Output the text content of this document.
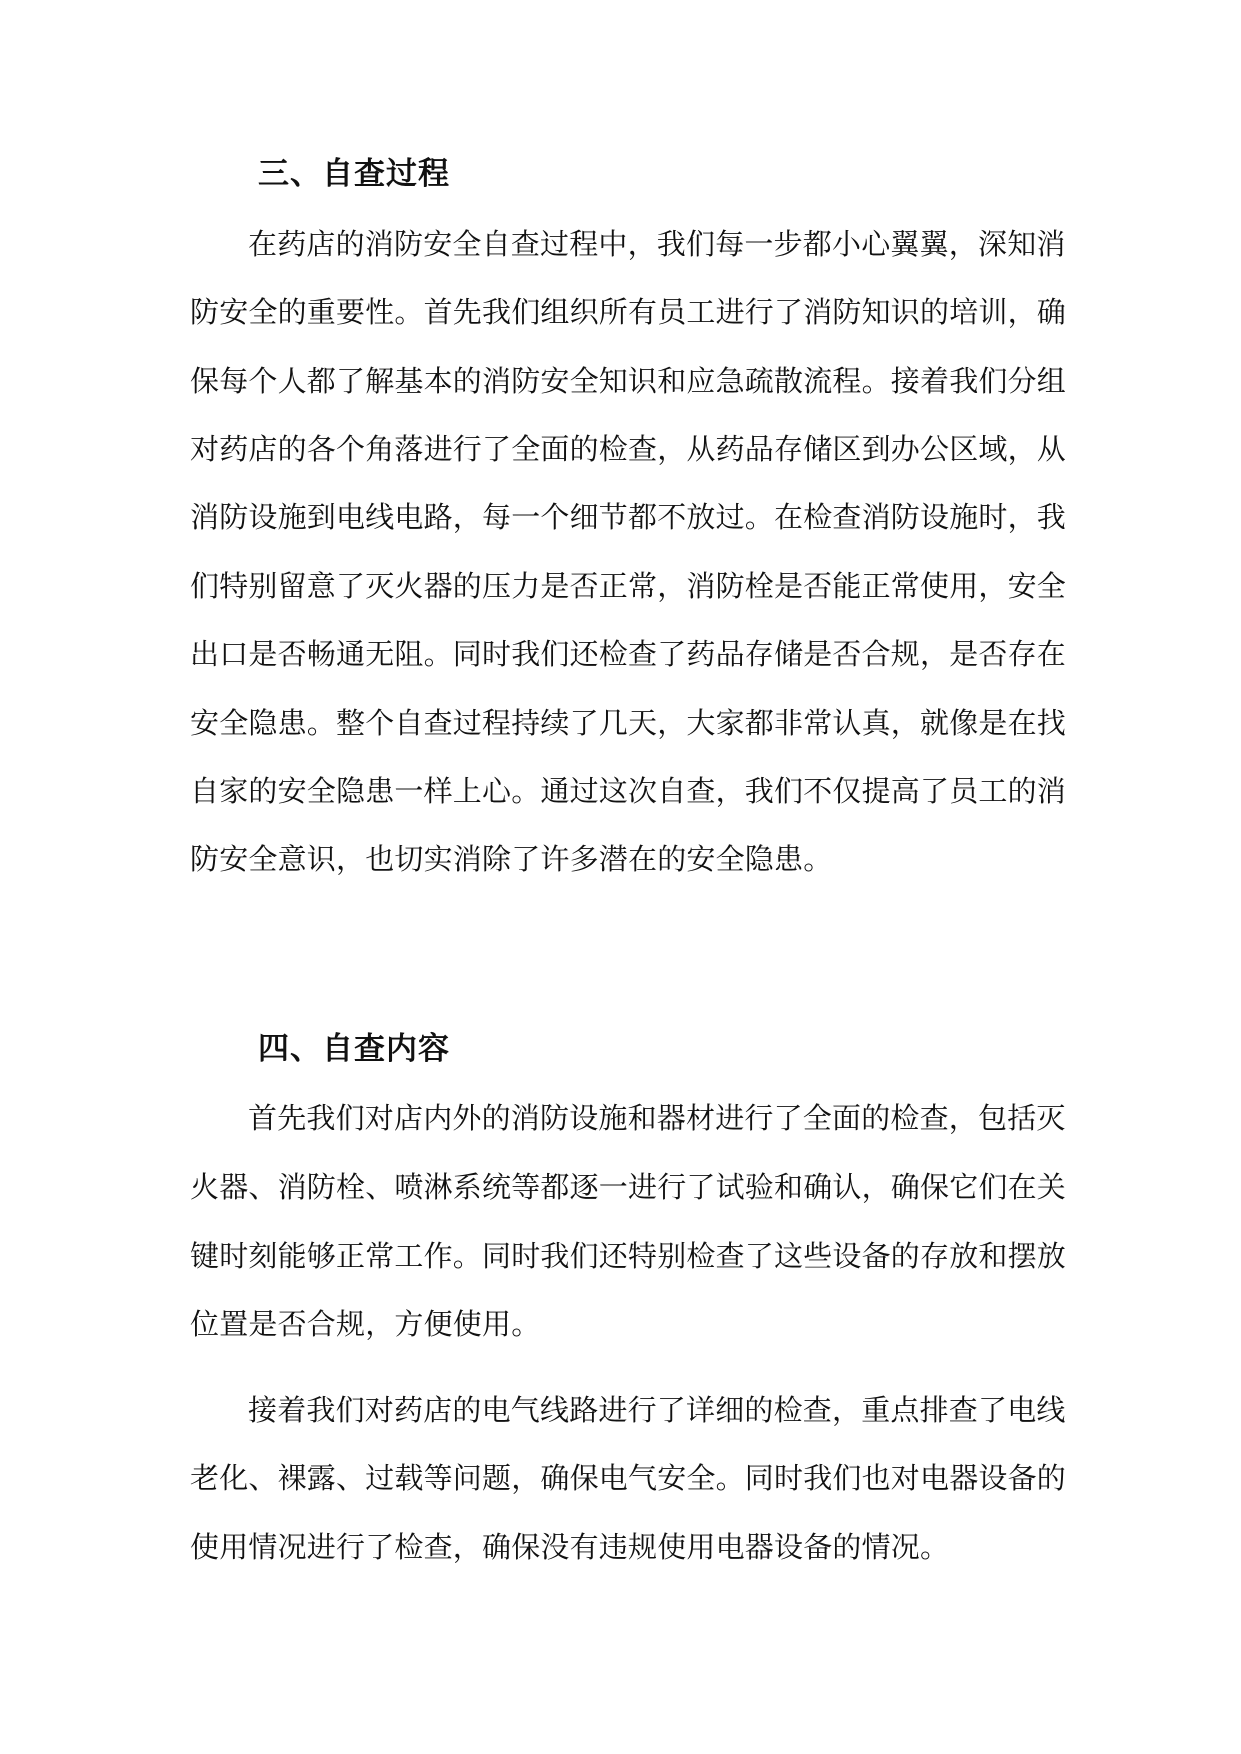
三、自查过程
在药店的消防安全自查过程中，我们每一步都小心翼翼，深知消
防安全的重要性。首先我们组织所有员工进行了消防知识的培训，确
保每个人都了解基本的消防安全知识和应急疏散流程。接着我们分组
对药店的各个角落进行了全面的检查，从药品存储区到办公区域，从
消防设施到电线电路，每一个细节都不放过。在检查消防设施时，我
们特别留意了灭火器的压力是否正常，消防栓是否能正常使用，安全
出口是否畅通无阻。同时我们还检查了药品存储是否合规，是否存在
安全隐患。整个自查过程持续了几天，大家都非常认真，就像是在找
自家的安全隐患一样上心。通过这次自查，我们不仅提高了员工的消
防安全意识，也切实消除了许多潜在的安全隐患。
四、自查内容
首先我们对店内外的消防设施和器材进行了全面的检查，包括灭
火器、消防栓、喷淋系统等都逐一进行了试验和确认，确保它们在关
键时刻能够正常工作。同时我们还特别检查了这些设备的存放和摆放
位置是否合规，方便使用。
接着我们对药店的电气线路进行了详细的检查，重点排查了电线
老化、裸露、过载等问题，确保电气安全。同时我们也对电器设备的
使用情况进行了检查，确保没有违规使用电器设备的情况。
